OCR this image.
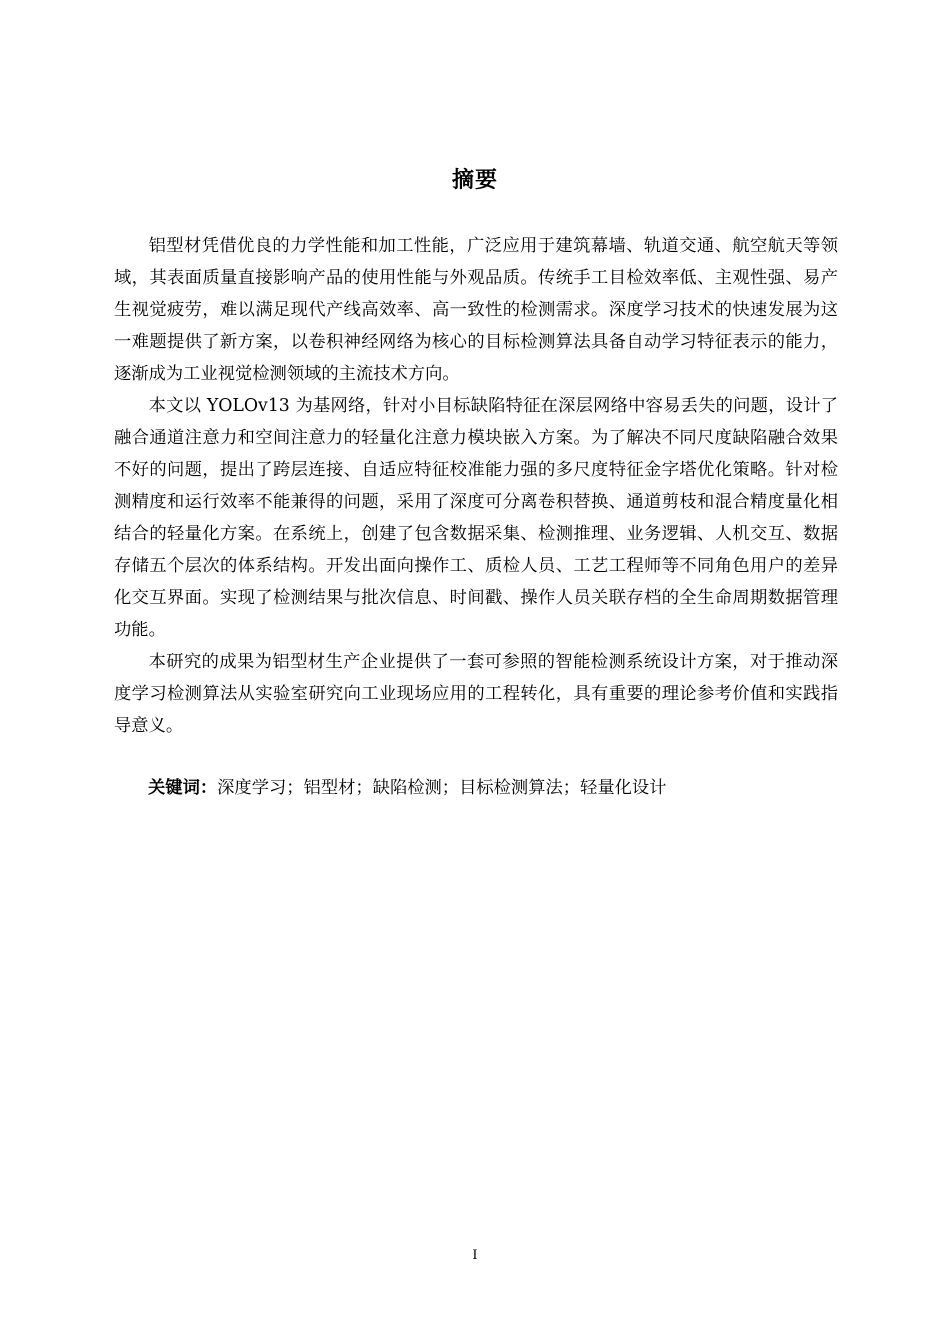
摘要

铝型材凭借优良的力学性能和加工性能，广泛应用于建筑幕墙、轨道交通、航空航天等领域，其表面质量直接影响产品的使用性能与外观品质。传统手工目检效率低、主观性强、易产生视觉疲劳，难以满足现代产线高效率、高一致性的检测需求。深度学习技术的快速发展为这一难题提供了新方案，以卷积神经网络为核心的目标检测算法具备自动学习特征表示的能力，逐渐成为工业视觉检测领域的主流技术方向。

本文以 YOLOv13 为基网络，针对小目标缺陷特征在深层网络中容易丢失的问题，设计了融合通道注意力和空间注意力的轻量化注意力模块嵌入方案。为了解决不同尺度缺陷融合效果不好的问题，提出了跨层连接、自适应特征校准能力强的多尺度特征金字塔优化策略。针对检测精度和运行效率不能兼得的问题，采用了深度可分离卷积替换、通道剪枝和混合精度量化相结合的轻量化方案。在系统上，创建了包含数据采集、检测推理、业务逻辑、人机交互、数据存储五个层次的体系结构。开发出面向操作工、质检人员、工艺工程师等不同角色用户的差异化交互界面。实现了检测结果与批次信息、时间戳、操作人员关联存档的全生命周期数据管理功能。

本研究的成果为铝型材生产企业提供了一套可参照的智能检测系统设计方案，对于推动深度学习检测算法从实验室研究向工业现场应用的工程转化，具有重要的理论参考价值和实践指导意义。

关键词：深度学习；铝型材；缺陷检测；目标检测算法；轻量化设计
I
